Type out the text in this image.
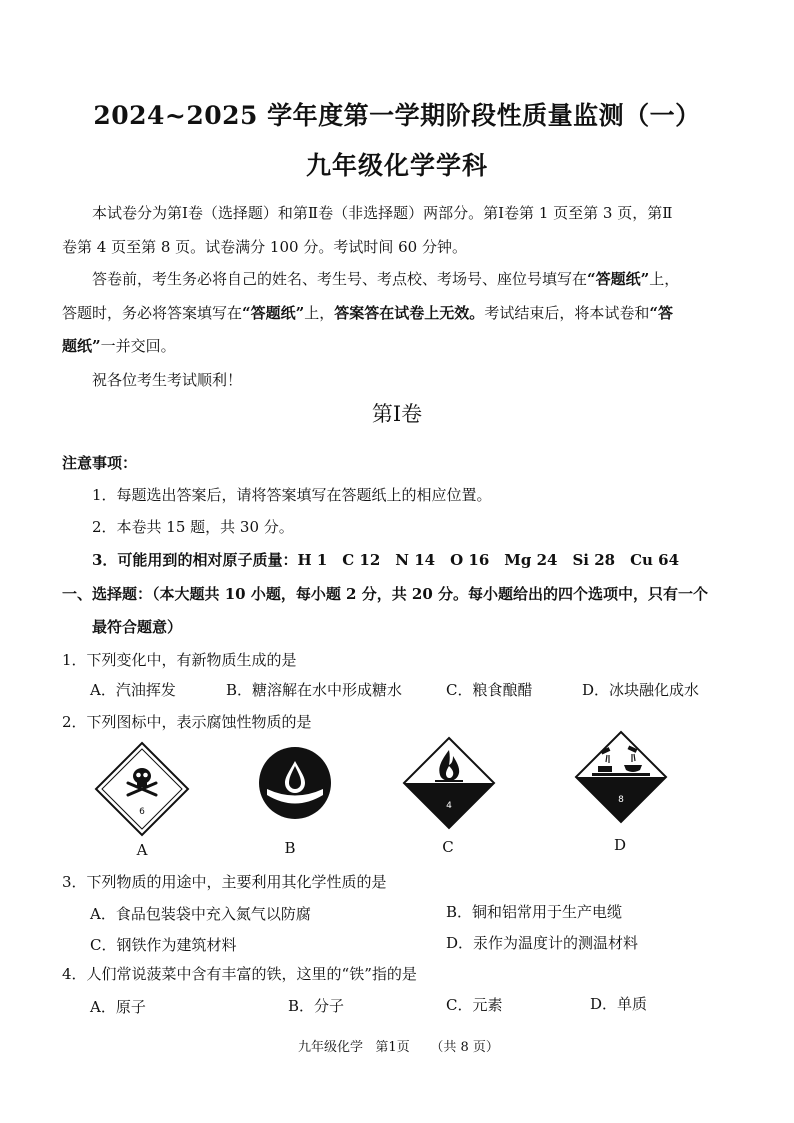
2024~2025 学年度第一学期阶段性质量监测（一）
九年级化学学科
本试卷分为第Ⅰ卷（选择题）和第Ⅱ卷（非选择题）两部分。第Ⅰ卷第 1 页至第 3 页，第Ⅱ
卷第 4 页至第 8 页。试卷满分 100 分。考试时间 60 分钟。
答卷前，考生务必将自己的姓名、考生号、考点校、考场号、座位号填写在“答题纸”上，
答题时，务必将答案填写在“答题纸”上，答案答在试卷上无效。考试结束后，将本试卷和“答
题纸”一并交回。
祝各位考生考试顺利！
第Ⅰ卷
注意事项：
1．每题选出答案后，请将答案填写在答题纸上的相应位置。
2．本卷共 15 题，共 30 分。
3．可能用到的相对原子质量：H 1　C 12　N 14　O 16　Mg 24　Si 28　Cu 64
一、选择题：（本大题共 10 小题，每小题 2 分，共 20 分。每小题给出的四个选项中，只有一个
最符合题意）
1．下列变化中，有新物质生成的是
A．汽油挥发	B．糖溶解在水中形成糖水	C．粮食酿醋	D．冰块融化成水
2．下列图标中，表示腐蚀性物质的是
6
4
8
A	B	C	D
3．下列物质的用途中，主要利用其化学性质的是
A．食品包装袋中充入氮气以防腐	B．铜和铝常用于生产电缆
C．钢铁作为建筑材料	D．汞作为温度计的测温材料
4．人们常说菠菜中含有丰富的铁，这里的“铁”指的是
A．原子	B．分子	C．元素	D．单质
九年级化学 第1页 （共 8 页）
